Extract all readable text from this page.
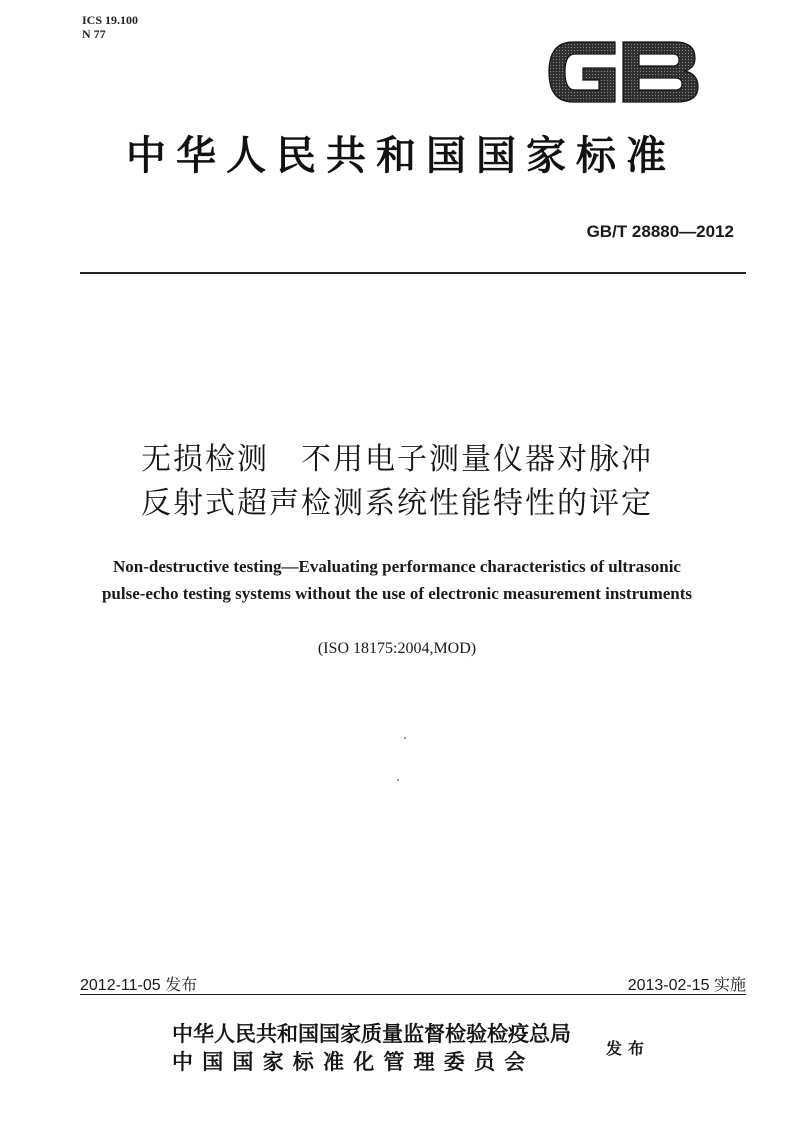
ICS 19.100
N 77
中华人民共和国国家标准
GB/T 28880—2012
无损检测　不用电子测量仪器对脉冲
反射式超声检测系统性能特性的评定
Non-destructive testing—Evaluating performance characteristics of ultrasonic
pulse-echo testing systems without the use of electronic measurement instruments
(ISO 18175:2004,MOD)
2012-11-05 发布	2013-02-15 实施
中华人民共和国国家质量监督检验检疫总局
中国国家标准化管理委员会
发布
